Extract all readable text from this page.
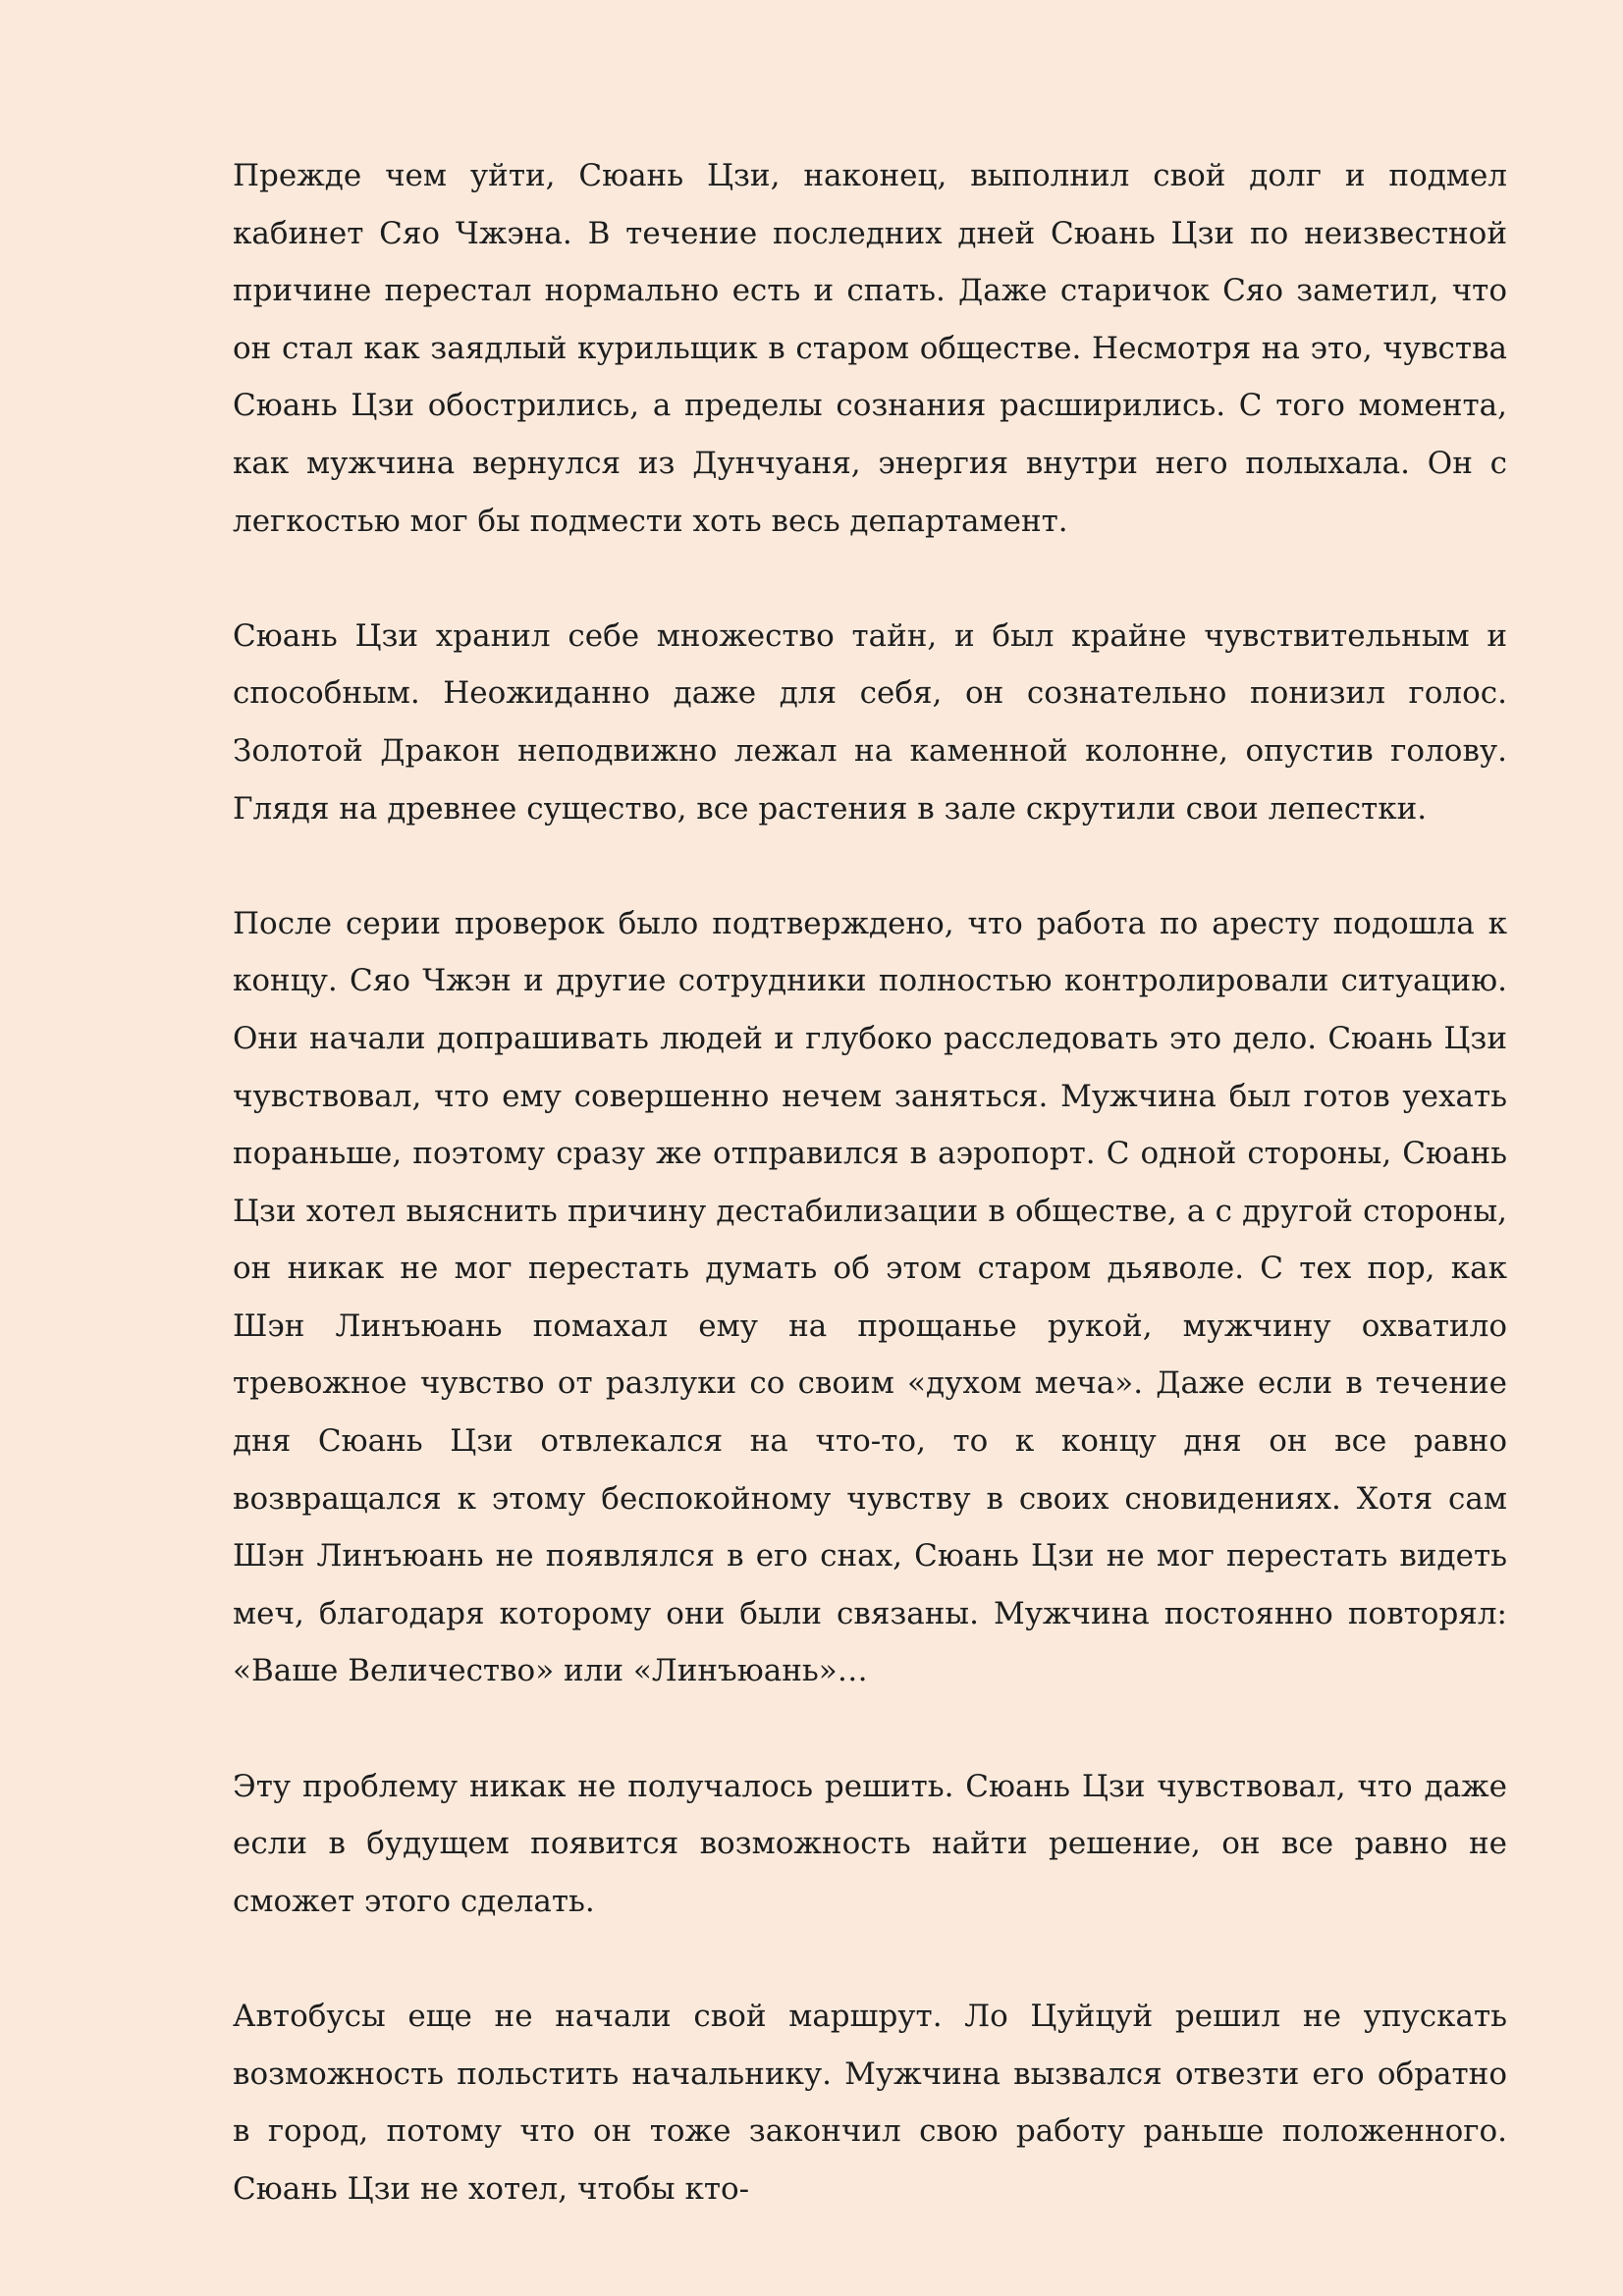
Прежде чем уйти, Сюань Цзи, наконец, выполнил свой долг и подмел кабинет Сяо Чжэна. В течение последних дней Сюань Цзи по неизвестной причине перестал нормально есть и спать. Даже старичок Сяо заметил, что он стал как заядлый курильщик в старом обществе. Несмотря на это, чувства Сюань Цзи обострились, а пределы сознания расширились. С того момента, как мужчина вернулся из Дунчуаня, энергия внутри него полыхала. Он с легкостью мог бы подмести хоть весь департамент.

Сюань Цзи хранил себе множество тайн, и был крайне чувствительным и способным. Неожиданно даже для себя, он сознательно понизил голос. Золотой Дракон неподвижно лежал на каменной колонне, опустив голову. Глядя на древнее существо, все растения в зале скрутили свои лепестки.

После серии проверок было подтверждено, что работа по аресту подошла к концу. Сяо Чжэн и другие сотрудники полностью контролировали ситуацию. Они начали допрашивать людей и глубоко расследовать это дело. Сюань Цзи чувствовал, что ему совершенно нечем заняться. Мужчина был готов уехать пораньше, поэтому сразу же отправился в аэропорт. С одной стороны, Сюань Цзи хотел выяснить причину дестабилизации в обществе, а с другой стороны, он никак не мог перестать думать об этом старом дьяволе. С тех пор, как Шэн Линъюань помахал ему на прощанье рукой, мужчину охватило тревожное чувство от разлуки со своим «духом меча». Даже если в течение дня Сюань Цзи отвлекался на что-то, то к концу дня он все равно возвращался к этому беспокойному чувству в своих сновидениях. Хотя сам Шэн Линъюань не появлялся в его снах, Сюань Цзи не мог перестать видеть меч, благодаря которому они были связаны. Мужчина постоянно повторял: «Ваше Величество» или «Линъюань»…

Эту проблему никак не получалось решить. Сюань Цзи чувствовал, что даже если в будущем появится возможность найти решение, он все равно не сможет этого сделать.

Автобусы еще не начали свой маршрут. Ло Цуйцуй решил не упускать возможность польстить начальнику. Мужчина вызвался отвезти его обратно в город, потому что он тоже закончил свою работу раньше положенного. Сюань Цзи не хотел, чтобы кто-
